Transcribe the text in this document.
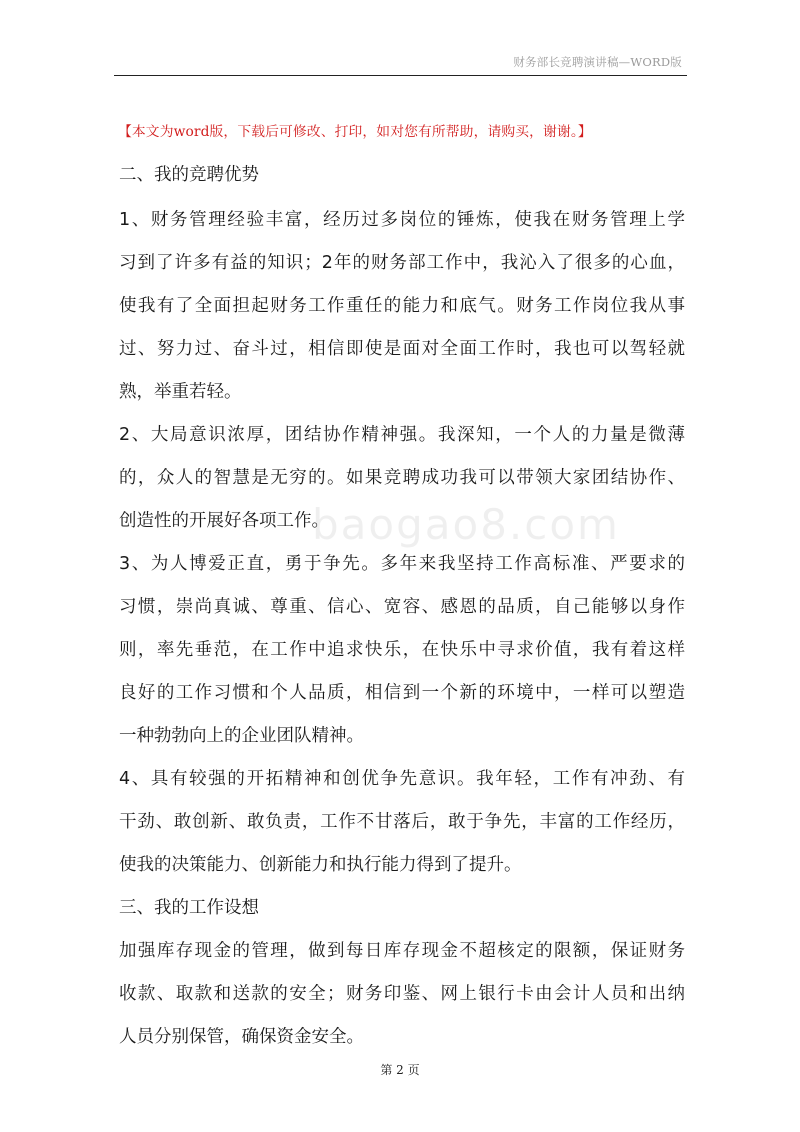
财务部长竞聘演讲稿—WORD版
【本文为word版，下载后可修改、打印，如对您有所帮助，请购买，谢谢。】
baogao8.com
二、我的竞聘优势

1、财务管理经验丰富，经历过多岗位的锤炼，使我在财务管理上学
习到了许多有益的知识；2年的财务部工作中，我沁入了很多的心血，
使我有了全面担起财务工作重任的能力和底气。财务工作岗位我从事
过、努力过、奋斗过，相信即使是面对全面工作时，我也可以驾轻就
熟，举重若轻。

2、大局意识浓厚，团结协作精神强。我深知，一个人的力量是微薄
的，众人的智慧是无穷的。如果竞聘成功我可以带领大家团结协作、
创造性的开展好各项工作。

3、为人博爱正直，勇于争先。多年来我坚持工作高标准、严要求的
习惯，崇尚真诚、尊重、信心、宽容、感恩的品质，自己能够以身作
则，率先垂范，在工作中追求快乐，在快乐中寻求价值，我有着这样
良好的工作习惯和个人品质，相信到一个新的环境中，一样可以塑造
一种勃勃向上的企业团队精神。

4、具有较强的开拓精神和创优争先意识。我年轻，工作有冲劲、有
干劲、敢创新、敢负责，工作不甘落后，敢于争先，丰富的工作经历，
使我的决策能力、创新能力和执行能力得到了提升。

三、我的工作设想

加强库存现金的管理，做到每日库存现金不超核定的限额，保证财务
收款、取款和送款的安全；财务印鉴、网上银行卡由会计人员和出纳
人员分别保管，确保资金安全。

第 2 页
